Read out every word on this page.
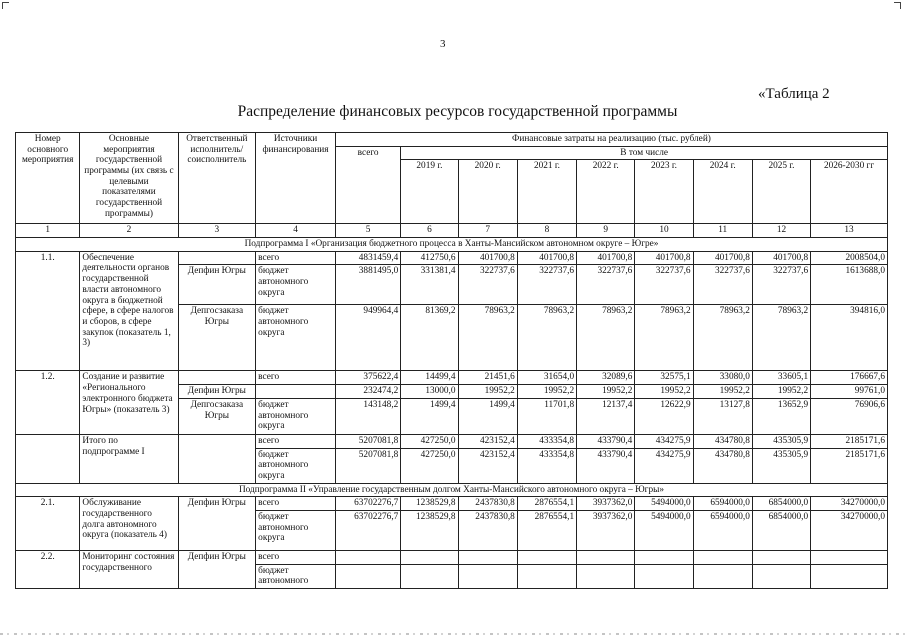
3
«Таблица 2
Распределение финансовых ресурсов государственной программы
Номер основного мероприятия	Основные мероприятия государственной программы (их связь с целевыми показателями государственной программы)	Ответственный исполнитель/ соисполнитель	Источники финансирования	Финансовые затраты на реализацию (тыс. рублей)								
				всего	В том числе							
					2019 г.	2020 г.	2021 г.	2022 г.	2023 г.	2024 г.	2025 г.	2026-2030 гг
1	2	3	4	5	6	7	8	9	10	11	12	13
Подпрограмма I «Организация бюджетного процесса в Ханты-Мансийском автономном округе – Югре»												
1.1.	Обеспечение деятельности органов государственной власти автономного округа в бюджетной сфере, в сфере налогов и сборов, в сфере закупок (показатель 1, 3)		всего	4831459,4	412750,6	401700,8	401700,8	401700,8	401700,8	401700,8	401700,8	2008504,0
		Депфин Югры	бюджет автономного округа	3881495,0	331381,4	322737,6	322737,6	322737,6	322737,6	322737,6	322737,6	1613688,0
		Депгосзаказа Югры	бюджет автономного округа	949964,4	81369,2	78963,2	78963,2	78963,2	78963,2	78963,2	78963,2	394816,0
1.2.	Создание и развитие «Регионального электронного бюджета Югры» (показатель 3)		всего	375622,4	14499,4	21451,6	31654,0	32089,6	32575,1	33080,0	33605,1	176667,6
		Депфин Югры		232474,2	13000,0	19952,2	19952,2	19952,2	19952,2	19952,2	19952,2	99761,0
		Депгосзаказа Югры	бюджет автономного округа	143148,2	1499,4	1499,4	11701,8	12137,4	12622,9	13127,8	13652,9	76906,6
	Итого по подпрограмме I		всего	5207081,8	427250,0	423152,4	433354,8	433790,4	434275,9	434780,8	435305,9	2185171,6
			бюджет автономного округа	5207081,8	427250,0	423152,4	433354,8	433790,4	434275,9	434780,8	435305,9	2185171,6
Подпрограмма II «Управление государственным долгом Ханты-Мансийского автономного округа – Югры»												
2.1.	Обслуживание государственного долга автономного округа (показатель 4)	Депфин Югры	всего	63702276,7	1238529,8	2437830,8	2876554,1	3937362,0	5494000,0	6594000,0	6854000,0	34270000,0
			бюджет автономного округа	63702276,7	1238529,8	2437830,8	2876554,1	3937362,0	5494000,0	6594000,0	6854000,0	34270000,0
2.2.	Мониторинг состояния государственного	Депфин Югры	всего									
			бюджет автономного									
